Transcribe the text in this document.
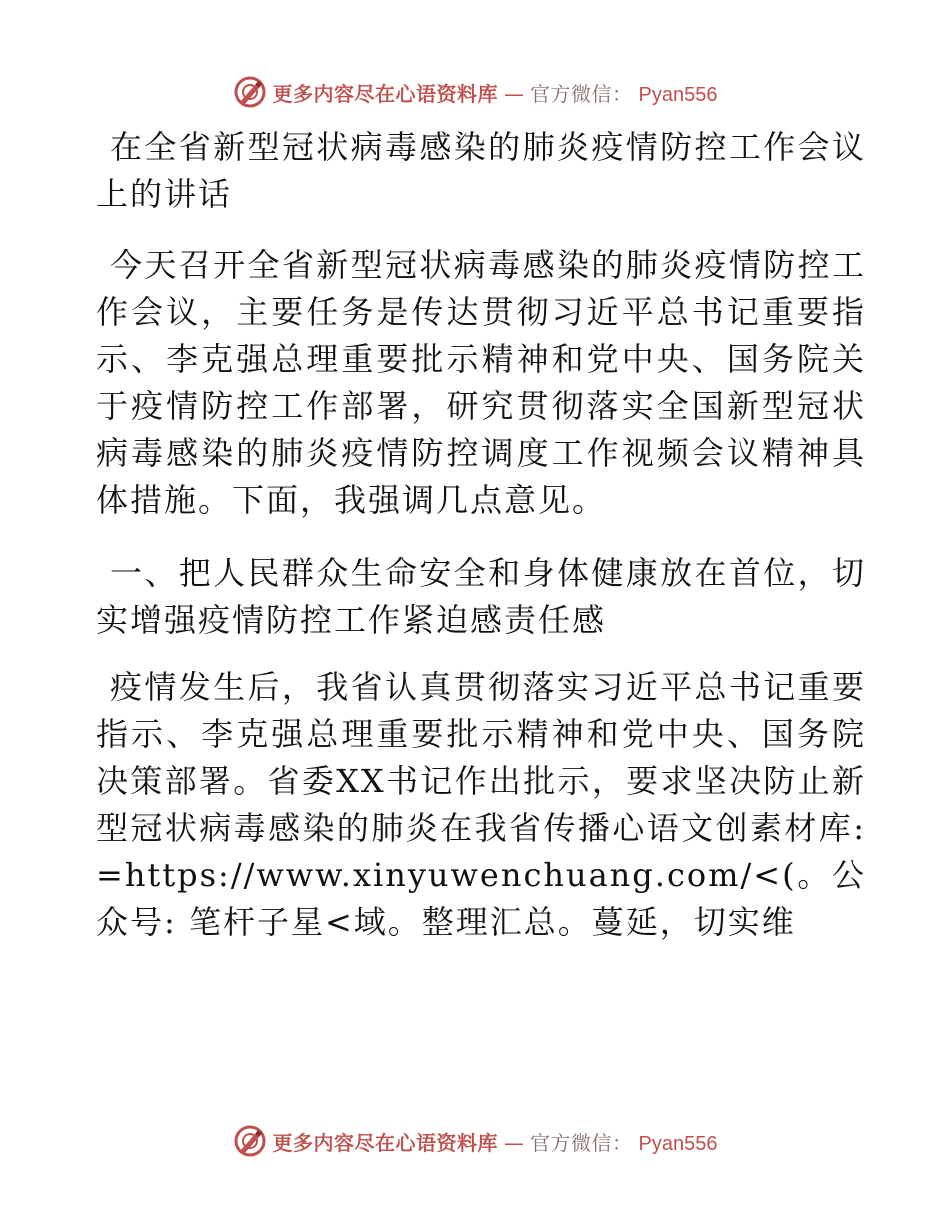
更多内容尽在心语资料库 — 官方微信： Pyan556

在全省新型冠状病毒感染的肺炎疫情防控工作会议上的讲话

今天召开全省新型冠状病毒感染的肺炎疫情防控工作会议，主要任务是传达贯彻习近平总书记重要指示、李克强总理重要批示精神和党中央、国务院关于疫情防控工作部署，研究贯彻落实全国新型冠状病毒感染的肺炎疫情防控调度工作视频会议精神具体措施。下面，我强调几点意见。

一、把人民群众生命安全和身体健康放在首位，切实增强疫情防控工作紧迫感责任感

疫情发生后，我省认真贯彻落实习近平总书记重要指示、李克强总理重要批示精神和党中央、国务院决策部署。省委XX书记作出批示，要求坚决防止新型冠状病毒感染的肺炎在我省传播心语文创素材库: =https://www.xinyuwenchuang.com/<(。公众号: 笔杆子星<域。整理汇总。蔓延，切实维

更多内容尽在心语资料库 — 官方微信： Pyan556
